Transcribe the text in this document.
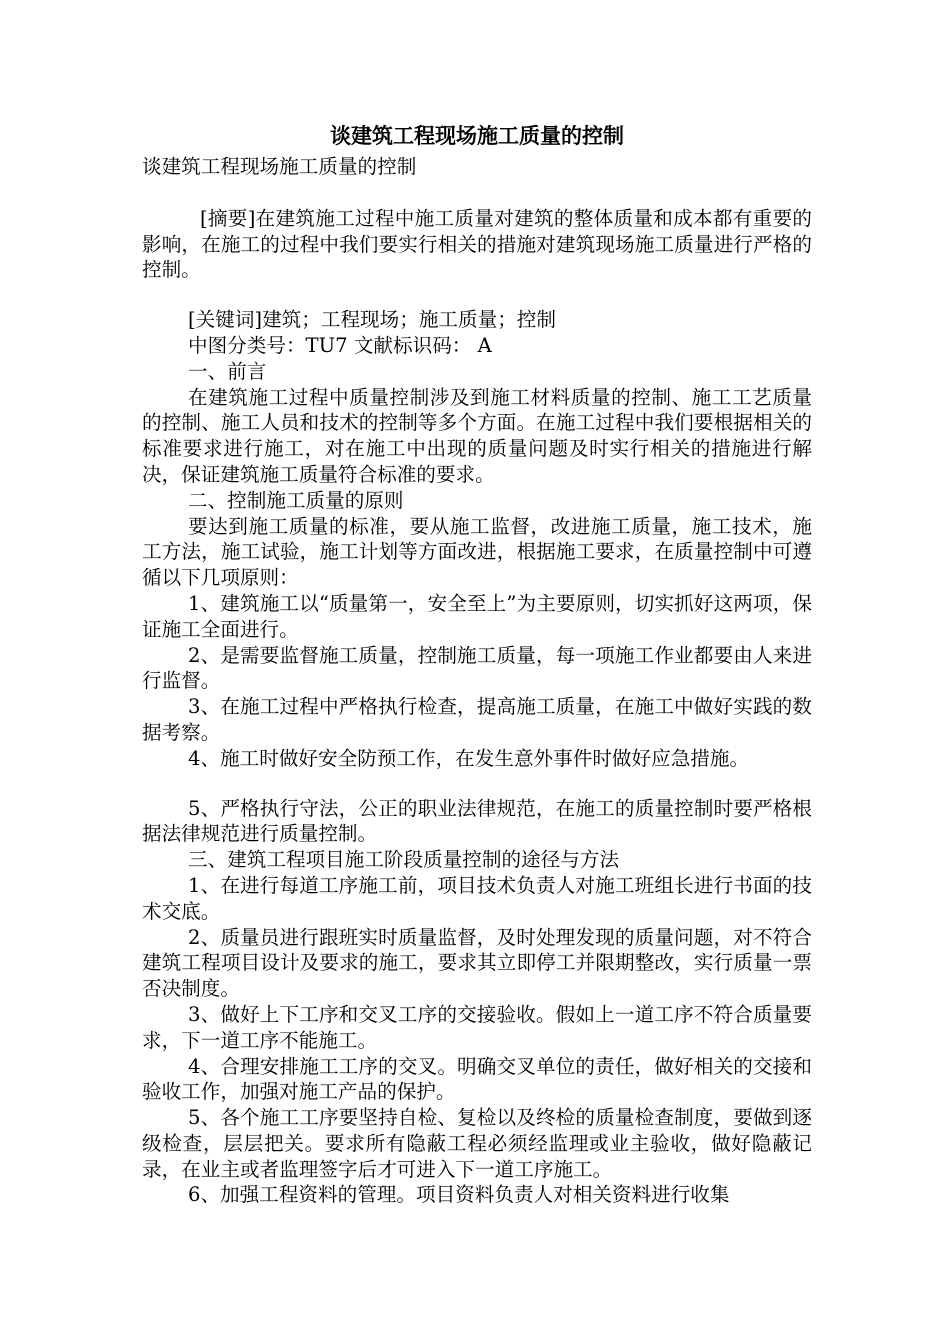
谈建筑工程现场施工质量的控制

谈建筑工程现场施工质量的控制

[摘要]在建筑施工过程中施工质量对建筑的整体质量和成本都有重要的影响，在施工的过程中我们要实行相关的措施对建筑现场施工质量进行严格的控制。

[关键词]建筑；工程现场；施工质量；控制

中图分类号：TU7 文献标识码： A

一、前言

在建筑施工过程中质量控制涉及到施工材料质量的控制、施工工艺质量的控制、施工人员和技术的控制等多个方面。在施工过程中我们要根据相关的标准要求进行施工，对在施工中出现的质量问题及时实行相关的措施进行解决，保证建筑施工质量符合标准的要求。

二、控制施工质量的原则

要达到施工质量的标准，要从施工监督，改进施工质量，施工技术，施工方法，施工试验，施工计划等方面改进，根据施工要求，在质量控制中可遵循以下几项原则：

1、建筑施工以“质量第一，安全至上”为主要原则，切实抓好这两项，保证施工全面进行。

2、是需要监督施工质量，控制施工质量，每一项施工作业都要由人来进行监督。

3、在施工过程中严格执行检查，提高施工质量，在施工中做好实践的数据考察。

4、施工时做好安全防预工作，在发生意外事件时做好应急措施。

5、严格执行守法，公正的职业法律规范，在施工的质量控制时要严格根据法律规范进行质量控制。

三、建筑工程项目施工阶段质量控制的途径与方法

1、在进行每道工序施工前，项目技术负责人对施工班组长进行书面的技术交底。

2、质量员进行跟班实时质量监督，及时处理发现的质量问题，对不符合建筑工程项目设计及要求的施工，要求其立即停工并限期整改，实行质量一票否决制度。

3、做好上下工序和交叉工序的交接验收。假如上一道工序不符合质量要求，下一道工序不能施工。

4、合理安排施工工序的交叉。明确交叉单位的责任，做好相关的交接和验收工作，加强对施工产品的保护。

5、各个施工工序要坚持自检、复检以及终检的质量检查制度，要做到逐级检查，层层把关。要求所有隐蔽工程必须经监理或业主验收，做好隐蔽记录，在业主或者监理签字后才可进入下一道工序施工。

6、加强工程资料的管理。项目资料负责人对相关资料进行收集
